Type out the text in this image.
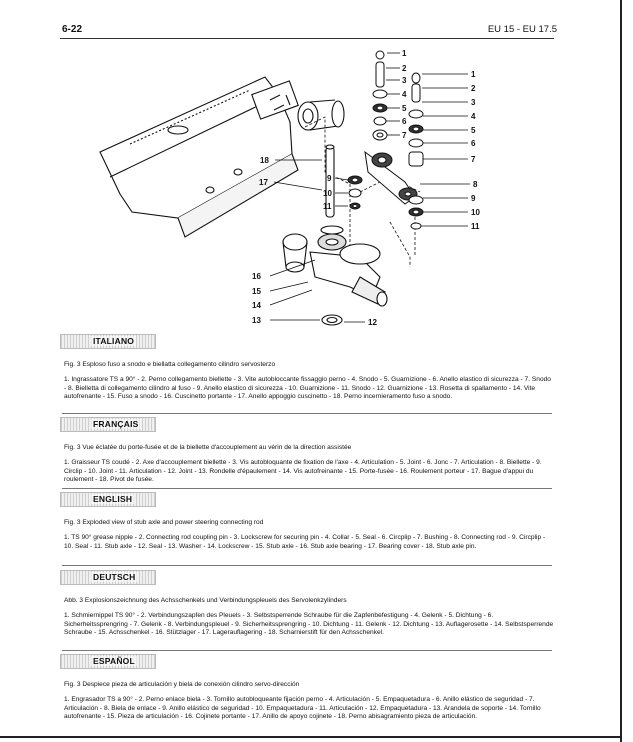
6-22	EU 15 - EU 17.5
1
2
3
4
5
6
7
1
2
3
4
5
6
7
8
9
10
11
18
17	9
10
11
16
15
14
13	12
ITALIANO
Fig. 3 Esploso fuso a snodo e biellatta collegamento cilindro servosterzo
1. Ingrassatore TS a 90° - 2. Perno collegamento biellette - 3. Vite autobloccante fissaggio perno - 4. Snodo - 5. Guarnizione - 6. Anello elastico di sicurezza - 7. Snodo - 8. Bielletta di collegamento cilindro al fuso - 9. Anello elastico di sicurezza - 10. Guarnizione - 11. Snodo - 12. Guarnizione - 13. Rosetta di spallamento - 14. Vite autofrenante - 15. Fuso a snodo - 16. Cuscinetto portante - 17. Anello appoggio cuscinetto - 18. Perno incernieramento fuso a snodo.
FRANÇAIS
Fig. 3 Vue éclatée du porte-fusée et de la biellette d'accouplement au vérin de la direction assistée
1. Graisseur TS coudé - 2. Axe d'accouplement biellette - 3. Vis autobloquante de fixation de l'axe - 4. Articulation - 5. Joint - 6. Jonc - 7. Articulation - 8. Biellette - 9. Circlip - 10. Joint - 11. Articulation - 12. Joint - 13. Rondelle d'épaulement - 14. Vis autofreinante - 15. Porte-fusée - 16. Roulement porteur - 17. Bague d'appui du roulement - 18. Pivot de fusée.
ENGLISH
Fig. 3 Exploded view of stub axle and power steering connecting rod
1. TS 90° grease nipple - 2. Connecting rod coupling pin - 3. Lockscrew for securing pin - 4. Collar - 5. Seal - 6. Circplip - 7. Bushing - 8. Connecting rod - 9. Circplip - 10. Seal - 11. Stub axle - 12. Seal - 13. Washer - 14. Lockscrew - 15. Stub axle - 16. Stub axle bearing - 17. Bearing cover - 18. Stub axle pin.
DEUTSCH
Abb. 3 Explosionszeichnung des Achsschenkels und Verbindungspleuels des Servolenkzylinders
1. Schmiernippel TS 90° - 2. Verbindungszapfen des Pleuels - 3. Selbstsperrende Schraube für die Zapfenbefestigung - 4. Gelenk - 5. Dichtung - 6. Sicherheitssprengring - 7. Gelenk - 8. Verbindungspleuel - 9. Sicherheitssprengring - 10. Dichtung - 11. Gelenk - 12. Dichtung - 13. Auflagerosette - 14. Selbstsperrende Schraube - 15. Achsschenkel - 16. Stützlager - 17. Lagerauflagering - 18. Scharnierstift für den Achsschenkel.
ESPAÑOL
Fig. 3 Despiece pieza de articulación y biela de conexión cilindro servo-dirección
1. Engrasador TS a 90° - 2. Perno enlace biela - 3. Tornillo autobloqueante fijación perno - 4. Articulación - 5. Empaquetadura - 6. Anillo elástico de seguridad - 7. Articulación - 8. Biela de enlace - 9. Anillo elástico de seguridad - 10. Empaquetadura - 11. Articulación - 12. Empaquetadura - 13. Arandela de soporte - 14. Tornillo autofrenante - 15. Pieza de articulación - 16. Cojinete portante - 17. Anillo de apoyo cojinete - 18. Perno abisagramiento pieza de articulación.
